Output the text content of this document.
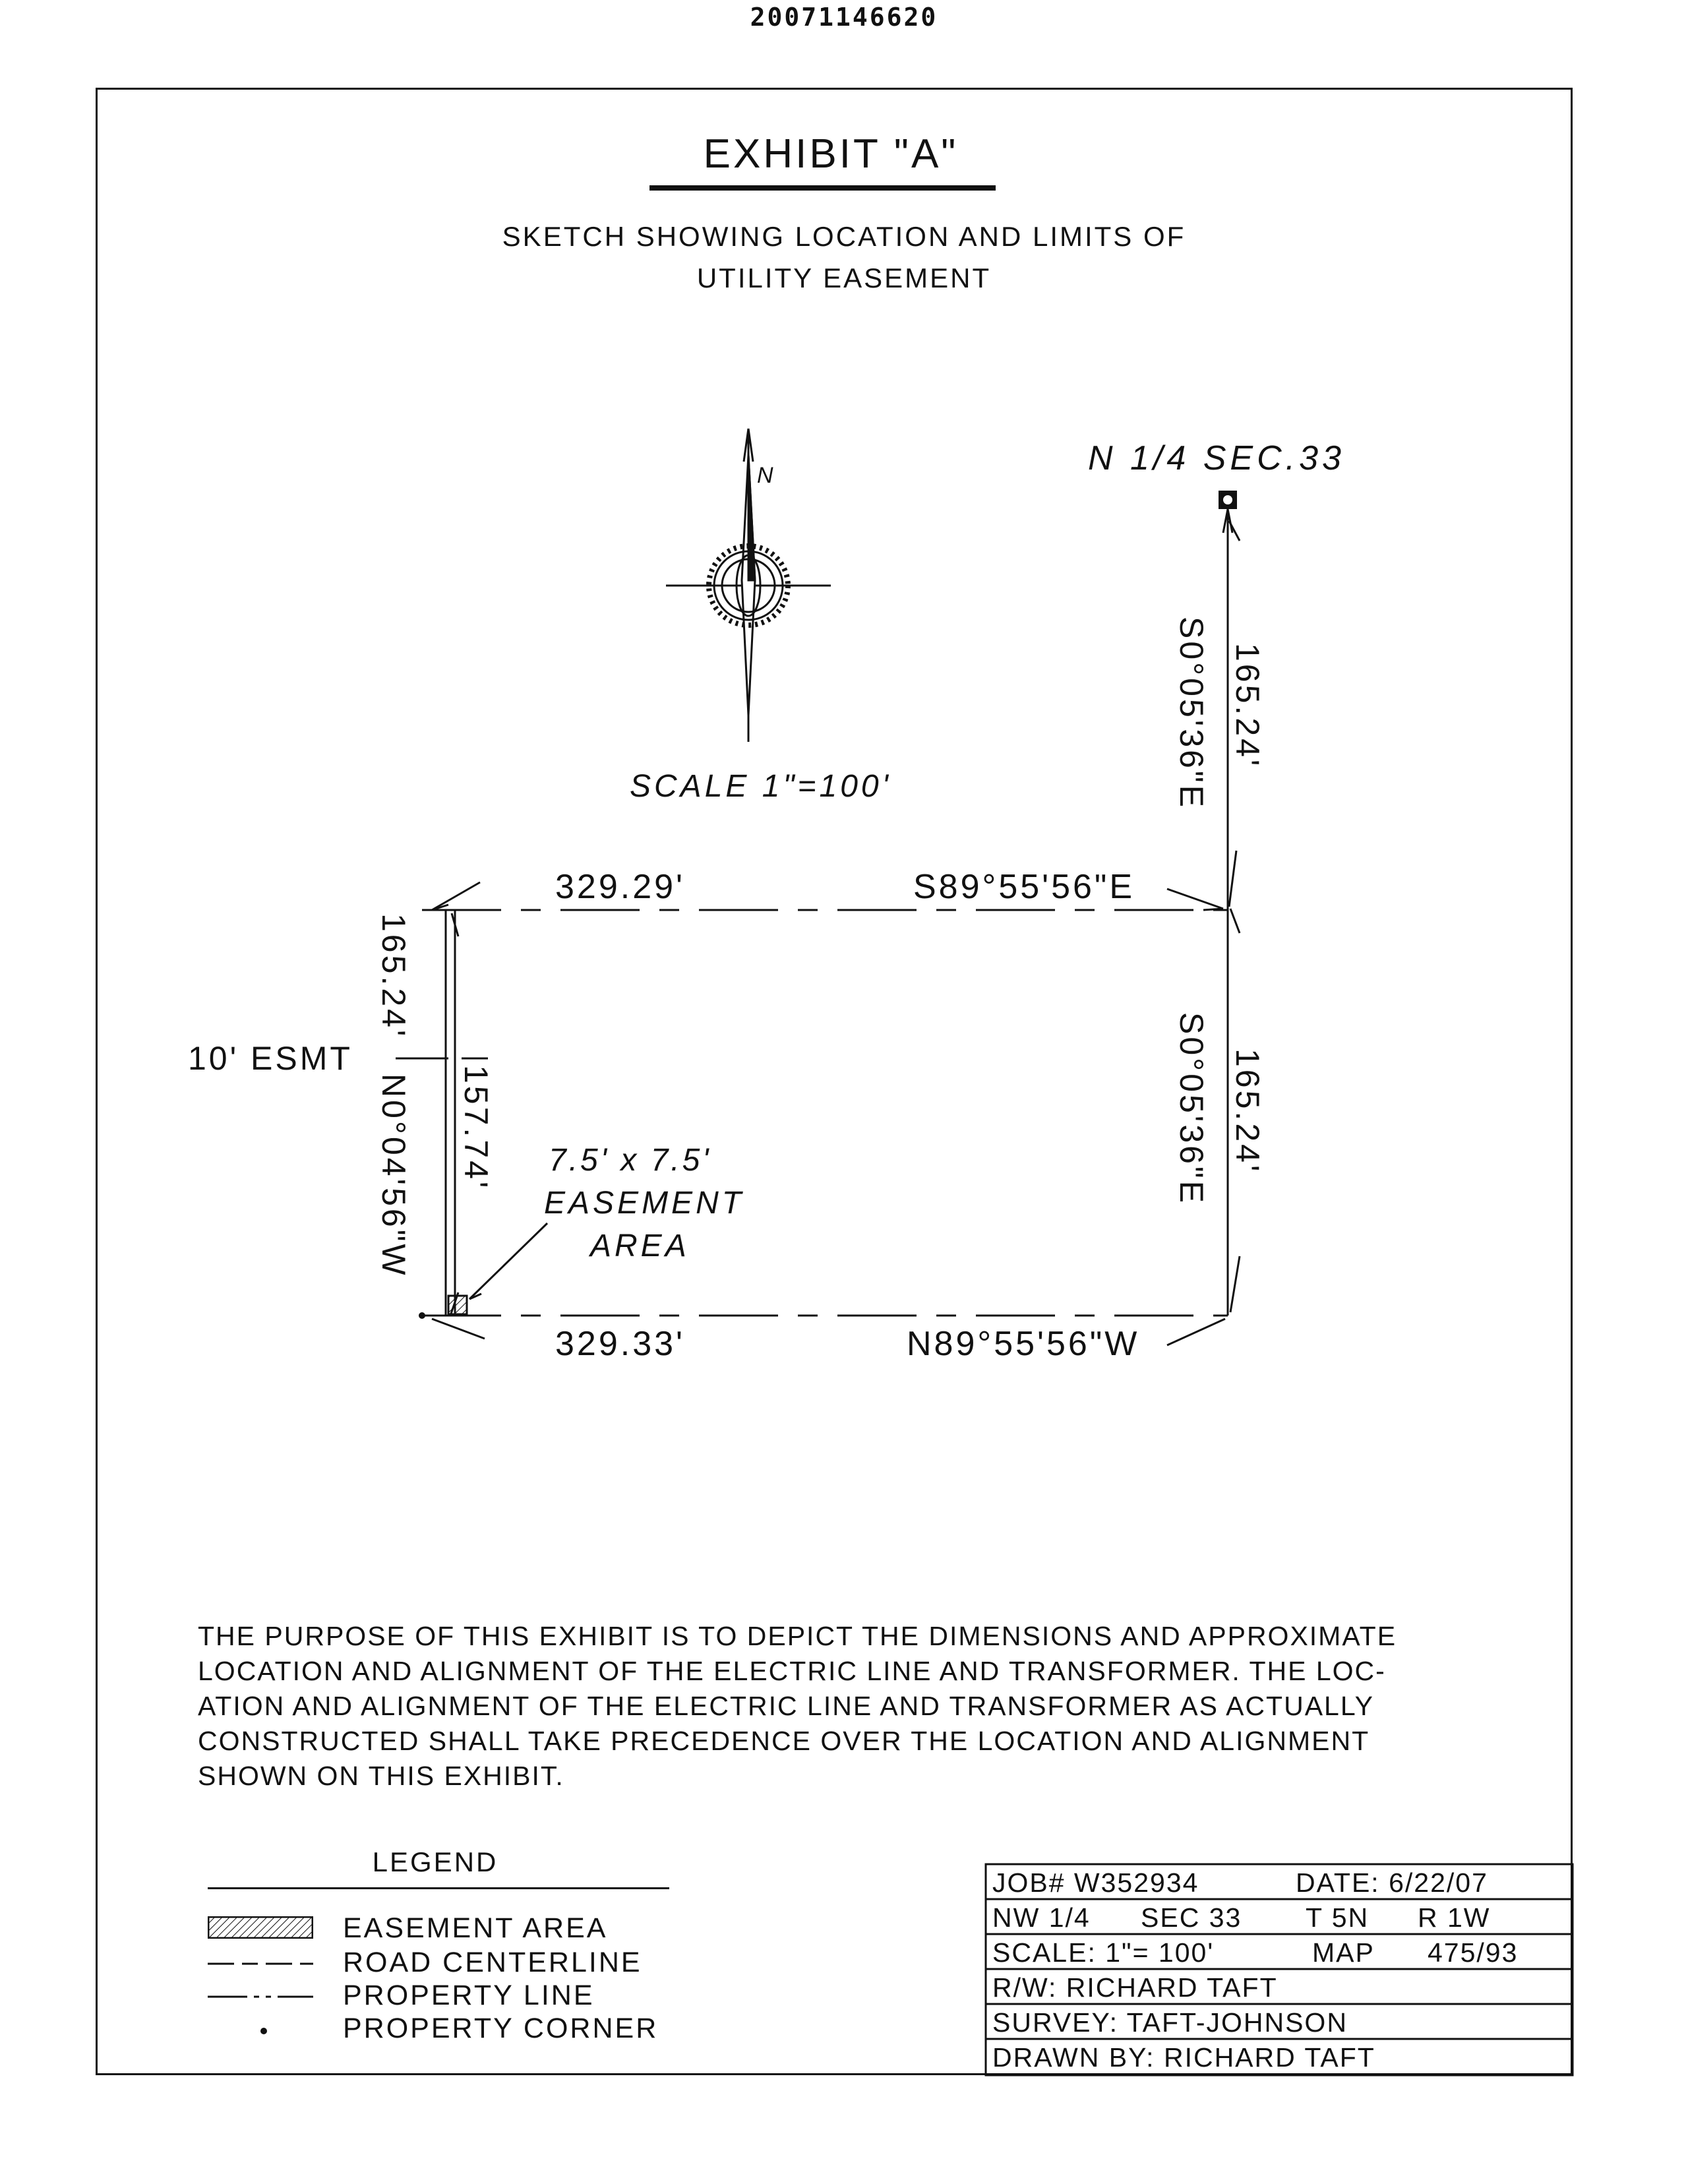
20071146620
EXHIBIT "A"
SKETCH SHOWING LOCATION AND LIMITS OF
UTILITY EASEMENT
N
SCALE 1"=100'
N 1/4 SEC.33
S0°05'36"E 165.24'
329.29'	S89°55'56"E
329.33'	N89°55'56"W
S0°05'36"E 165.24'
165.24'
N0°04'56"W
10' ESMT
157.74' 7.5' x 7.5'
EASEMENT
AREA
THE PURPOSE OF THIS EXHIBIT IS TO DEPICT THE DIMENSIONS AND APPROXIMATE
LOCATION AND ALIGNMENT OF THE ELECTRIC LINE AND TRANSFORMER. THE LOC-
ATION AND ALIGNMENT OF THE ELECTRIC LINE AND TRANSFORMER AS ACTUALLY
CONSTRUCTED SHALL TAKE PRECEDENCE OVER THE LOCATION AND ALIGNMENT
SHOWN ON THIS EXHIBIT.
LEGEND
EASEMENT AREA
ROAD CENTERLINE
PROPERTY LINE
PROPERTY CORNER
JOB# W352934	DATE: 6/22/07
NW 1/4 SEC 33 T 5N R 1W
SCALE: 1"= 100'	MAP 475/93
R/W: RICHARD TAFT
SURVEY: TAFT-JOHNSON
DRAWN BY: RICHARD TAFT
